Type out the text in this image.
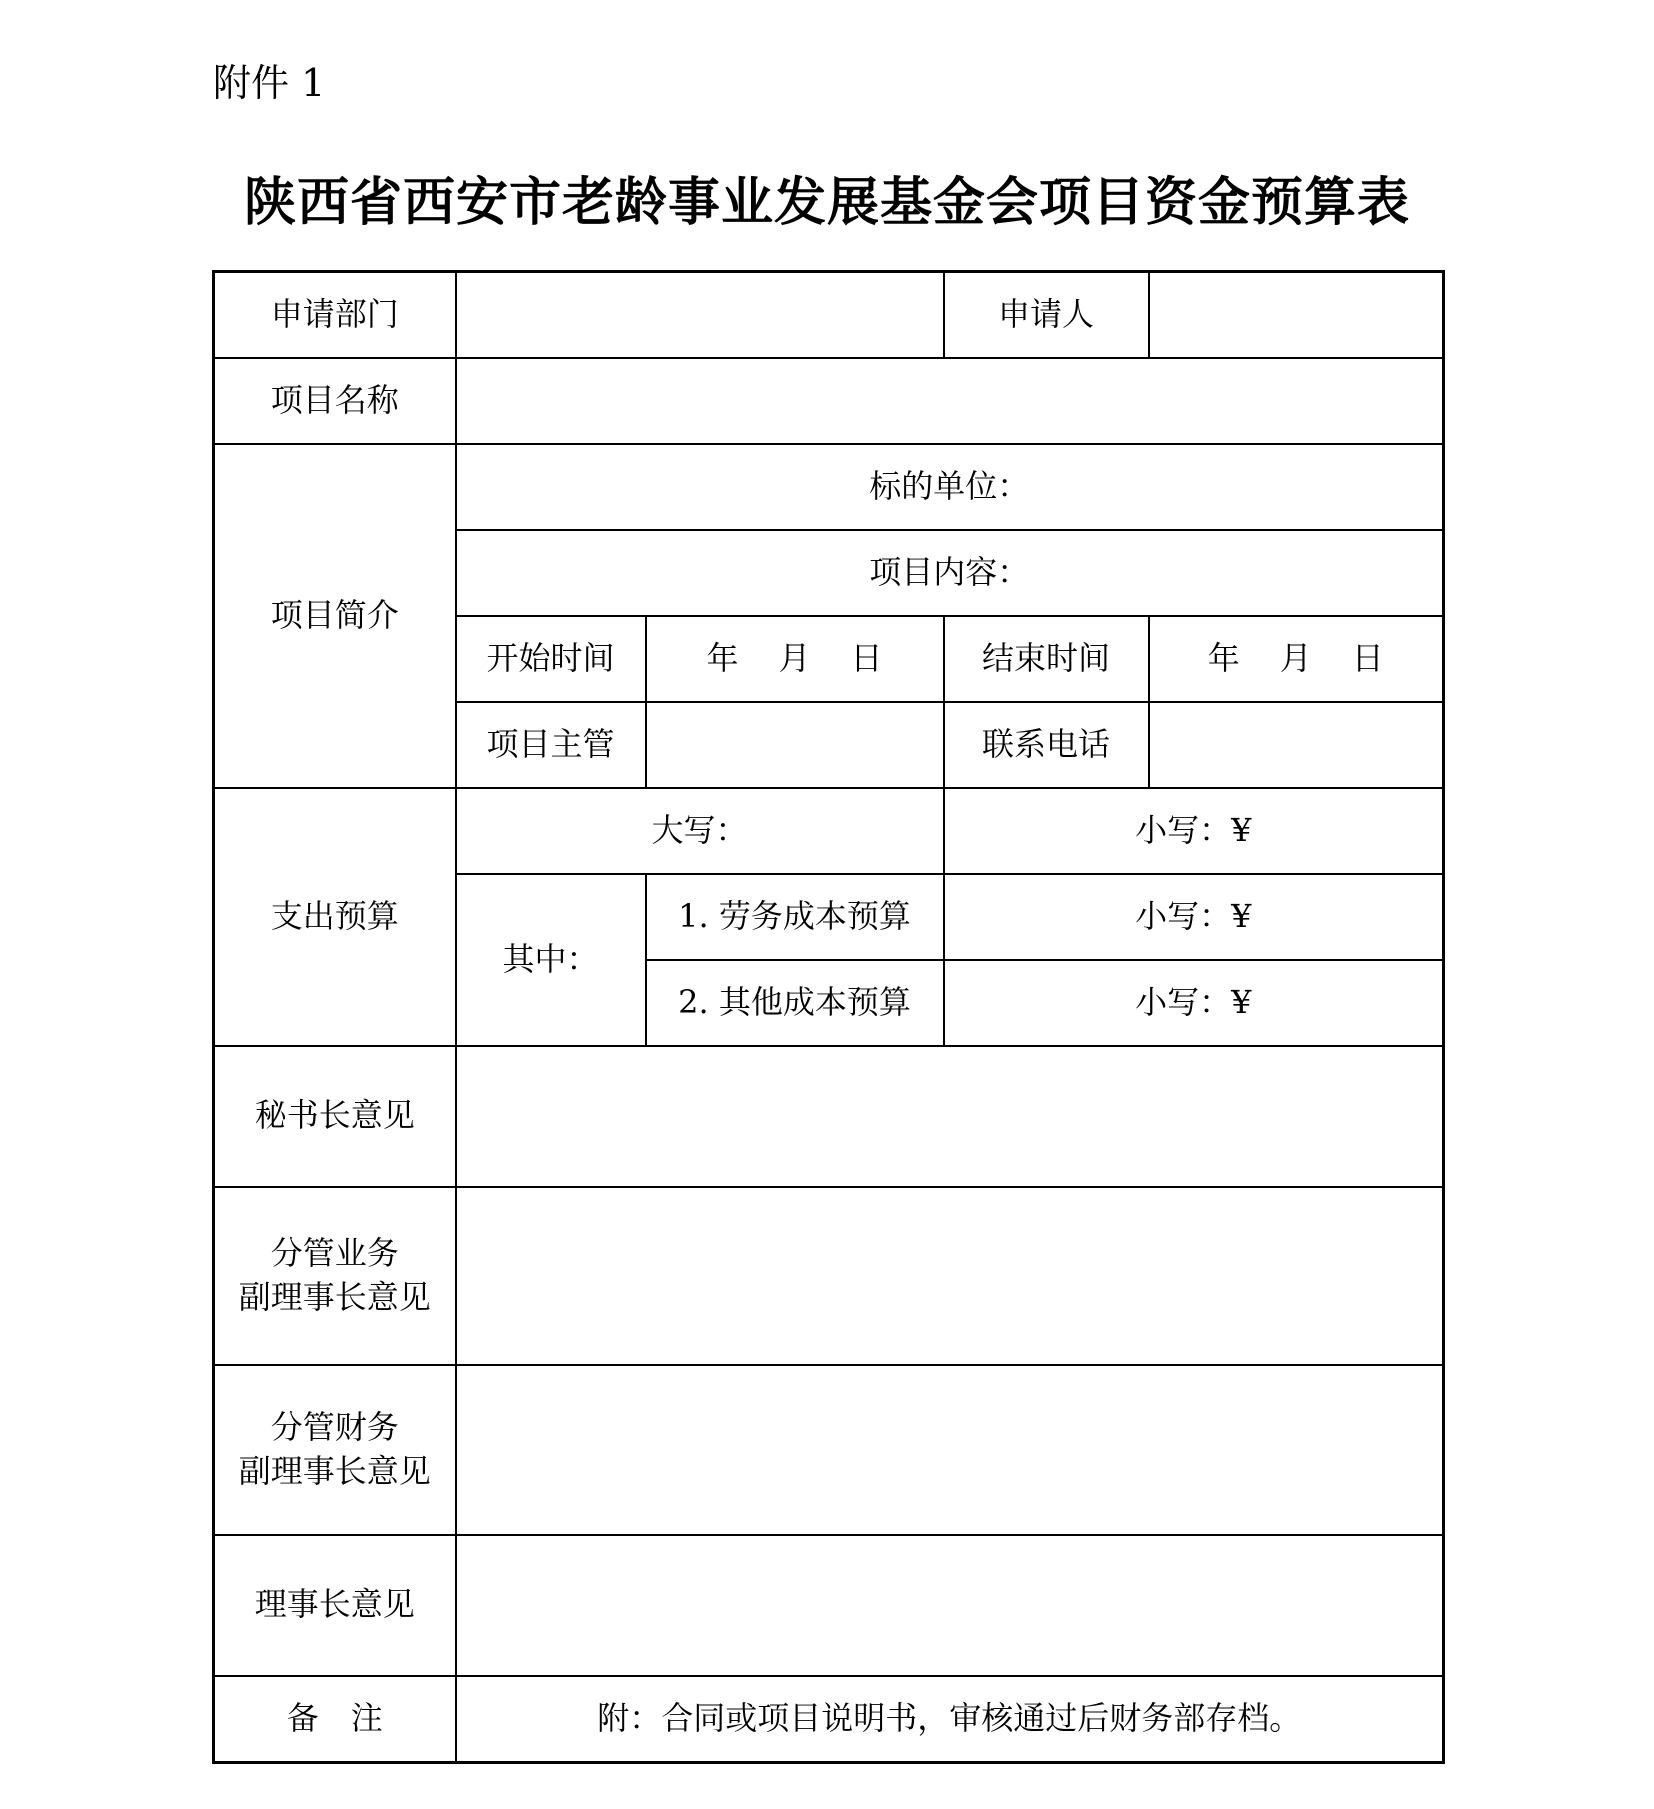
附件 1
陕西省西安市老龄事业发展基金会项目资金预算表
申请部门			申请人	
项目名称				
项目简介	标的单位：			
	项目内容：			
	开始时间	年 月 日	结束时间	年 月 日
	项目主管		联系电话	
支出预算	大写：		小写：¥	
	其中：	1. 劳务成本预算	小写：¥	
		2. 其他成本预算	小写：¥	
秘书长意见				

分管业务
副理事长意见				

分管财务
副理事长意见				

理事长意见				
备　注	附：合同或项目说明书，审核通过后财务部存档。			
